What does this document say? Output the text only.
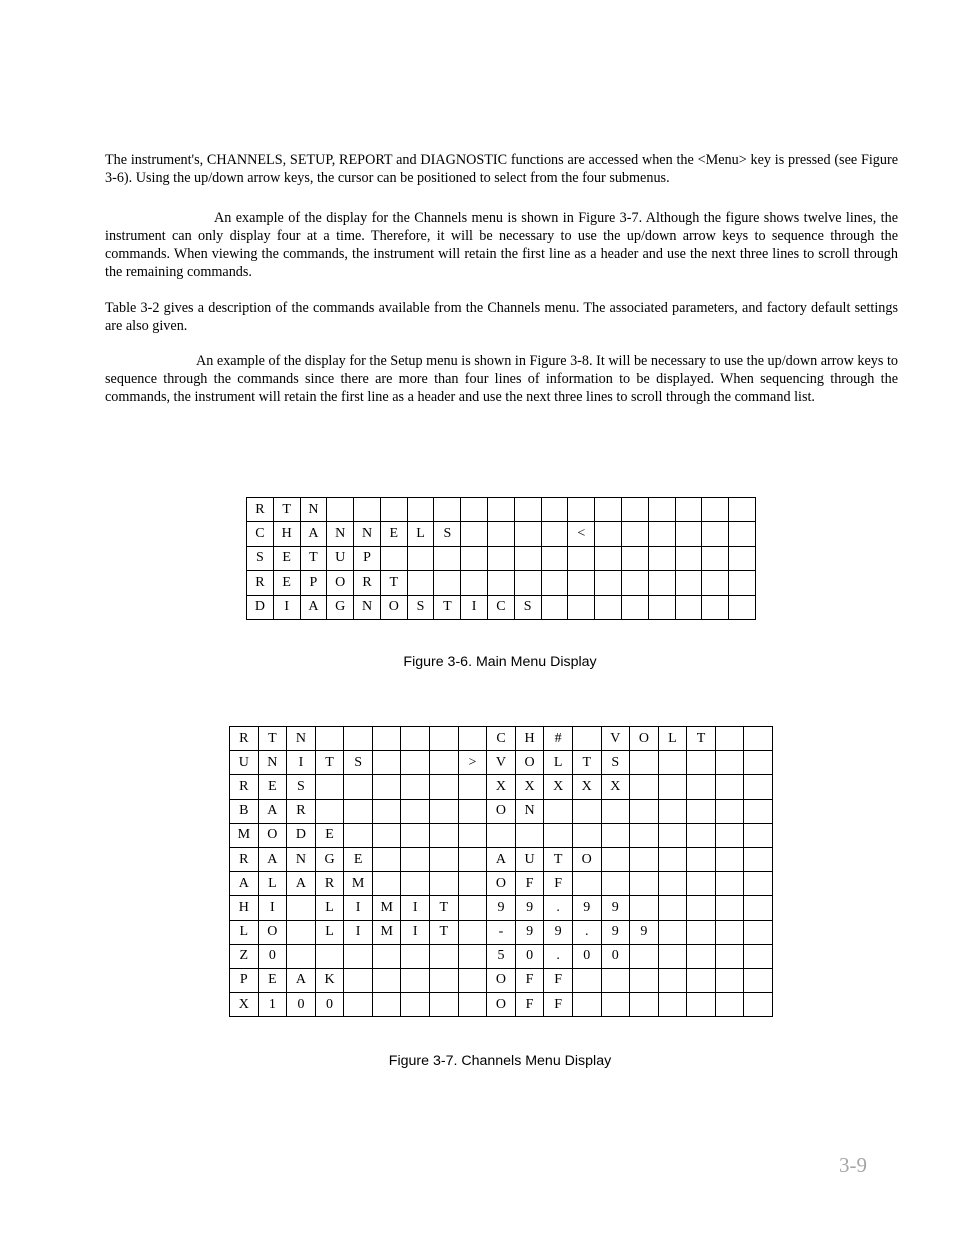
The instrument's, CHANNELS, SETUP, REPORT and DIAGNOSTIC functions are accessed when the <Menu> key is pressed (see Figure 3-6). Using the up/down arrow keys, the cursor can be positioned to select from the four submenus.

An example of the display for the Channels menu is shown in Figure 3-7. Although the figure shows twelve lines, the instrument can only display four at a time. Therefore, it will be necessary to use the up/down arrow keys to sequence through the commands. When viewing the commands, the instrument will retain the first line as a header and use the next three lines to scroll through the remaining commands.

Table 3-2 gives a description of the commands available from the Channels menu. The associated parameters, and factory default settings are also given.

An example of the display for the Setup menu is shown in Figure 3-8. It will be necessary to use the up/down arrow keys to sequence through the commands since there are more than four lines of information to be displayed. When sequencing through the commands, the instrument will retain the first line as a header and use the next three lines to scroll through the command list.

R	T	N																
C	H	A	N	N	E	L	S					<						
S	E	T	U	P														
R	E	P	O	R	T													
D	I	A	G	N	O	S	T	I	C	S								

Figure 3-6. Main Menu Display

R	T	N							C	H	#		V	O	L	T		
U	N	I	T	S				>	V	O	L	T	S					
R	E	S							X	X	X	X	X					
B	A	R							O	N								
M	O	D	E															
R	A	N	G	E					A	U	T	O						
A	L	A	R	M					O	F	F							
H	I		L	I	M	I	T		9	9	.	9	9					
L	O		L	I	M	I	T		-	9	9	.	9	9				
Z	0								5	0	.	0	0					
P	E	A	K						O	F	F							
X	1	0	0						O	F	F							

Figure 3-7. Channels Menu Display

3-9
